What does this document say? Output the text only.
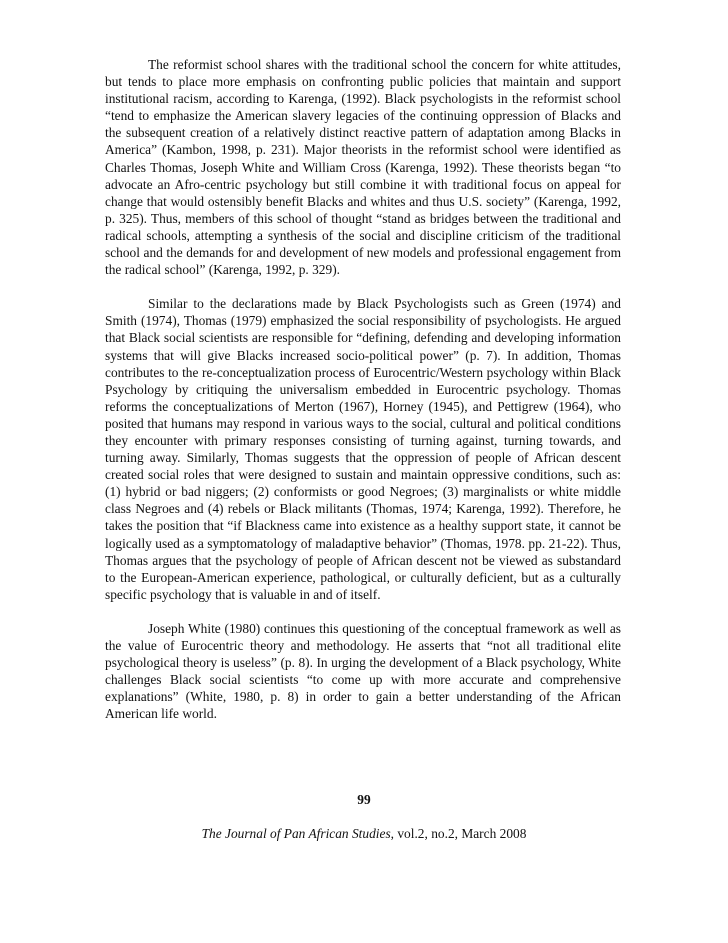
The reformist school shares with the traditional school the concern for white attitudes, but tends to place more emphasis on confronting public policies that maintain and support institutional racism, according to Karenga, (1992). Black psychologists in the reformist school “tend to emphasize the American slavery legacies of the continuing oppression of Blacks and the subsequent creation of a relatively distinct reactive pattern of adaptation among Blacks in America” (Kambon, 1998, p. 231). Major theorists in the reformist school were identified as Charles Thomas, Joseph White and William Cross (Karenga, 1992). These theorists began “to advocate an Afro-centric psychology but still combine it with traditional focus on appeal for change that would ostensibly benefit Blacks and whites and thus U.S. society” (Karenga, 1992, p. 325). Thus, members of this school of thought “stand as bridges between the traditional and radical schools, attempting a synthesis of the social and discipline criticism of the traditional school and the demands for and development of new models and professional engagement from the radical school” (Karenga, 1992, p. 329).

Similar to the declarations made by Black Psychologists such as Green (1974) and Smith (1974), Thomas (1979) emphasized the social responsibility of psychologists. He argued that Black social scientists are responsible for “defining, defending and developing information systems that will give Blacks increased socio-political power” (p. 7). In addition, Thomas contributes to the re-conceptualization process of Eurocentric/Western psychology within Black Psychology by critiquing the universalism embedded in Eurocentric psychology. Thomas reforms the conceptualizations of Merton (1967), Horney (1945), and Pettigrew (1964), who posited that humans may respond in various ways to the social, cultural and political conditions they encounter with primary responses consisting of turning against, turning towards, and turning away. Similarly, Thomas suggests that the oppression of people of African descent created social roles that were designed to sustain and maintain oppressive conditions, such as: (1) hybrid or bad niggers; (2) conformists or good Negroes; (3) marginalists or white middle class Negroes and (4) rebels or Black militants (Thomas, 1974; Karenga, 1992). Therefore, he takes the position that “if Blackness came into existence as a healthy support state, it cannot be logically used as a symptomatology of maladaptive behavior” (Thomas, 1978. pp. 21-22). Thus, Thomas argues that the psychology of people of African descent not be viewed as substandard to the European-American experience, pathological, or culturally deficient, but as a culturally specific psychology that is valuable in and of itself.

Joseph White (1980) continues this questioning of the conceptual framework as well as the value of Eurocentric theory and methodology. He asserts that “not all traditional elite psychological theory is useless” (p. 8). In urging the development of a Black psychology, White challenges Black social scientists “to come up with more accurate and comprehensive explanations” (White, 1980, p. 8) in order to gain a better understanding of the African American life world.

99
The Journal of Pan African Studies, vol.2, no.2, March 2008
